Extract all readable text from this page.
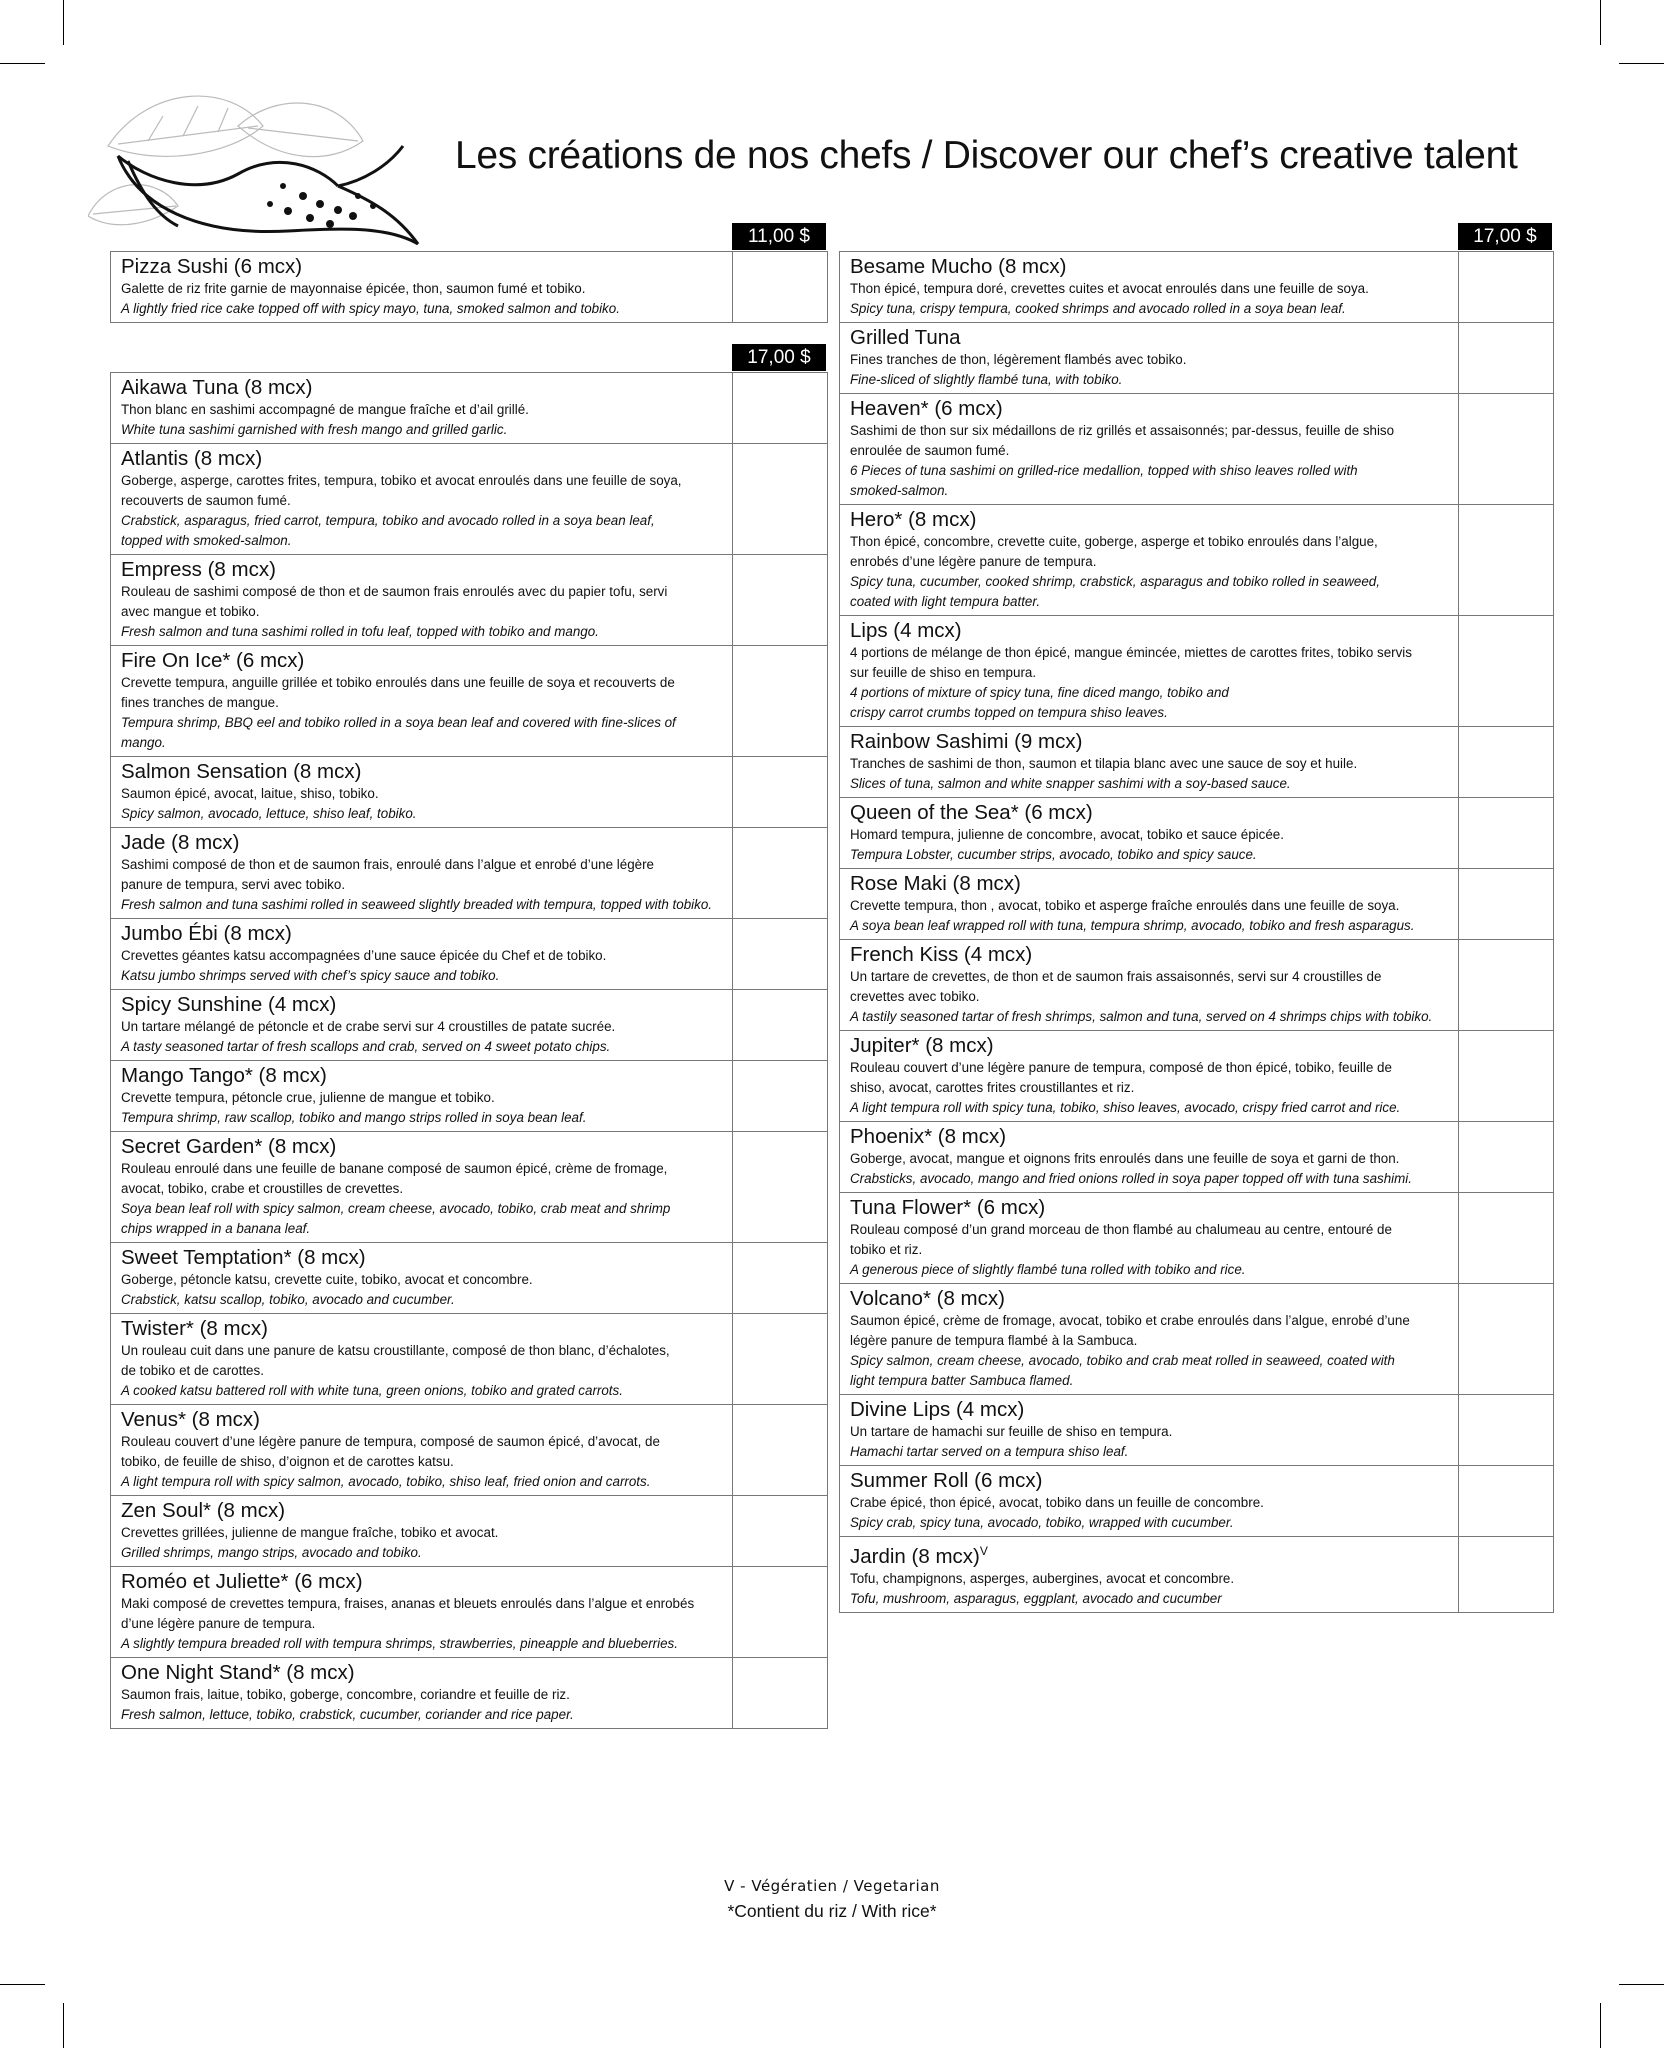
Les créations de nos chefs / Discover our chef’s creative talent
11,00 $
Pizza Sushi (6 mcx)
Galette de riz frite garnie de mayonnaise épicée, thon, saumon fumé et tobiko.
A lightly fried rice cake topped off with spicy mayo, tuna, smoked salmon and tobiko.
17,00 $
Aikawa Tuna (8 mcx)
Thon blanc en sashimi accompagné de mangue fraîche et d’ail grillé.
White tuna sashimi garnished with fresh mango and grilled garlic.
Atlantis (8 mcx)
Goberge, asperge, carottes frites, tempura, tobiko et avocat enroulés dans une feuille de soya,
recouverts de saumon fumé.
Crabstick, asparagus, fried carrot, tempura, tobiko and avocado rolled in a soya bean leaf,
topped with smoked-salmon.
Empress (8 mcx)
Rouleau de sashimi composé de thon et de saumon frais enroulés avec du papier tofu, servi
avec mangue et tobiko.
Fresh salmon and tuna sashimi rolled in tofu leaf, topped with tobiko and mango.
Fire On Ice* (6 mcx)
Crevette tempura, anguille grillée et tobiko enroulés dans une feuille de soya et recouverts de
fines tranches de mangue.
Tempura shrimp, BBQ eel and tobiko rolled in a soya bean leaf and covered with fine-slices of mango.
Salmon Sensation (8 mcx)
Saumon épicé, avocat, laitue, shiso, tobiko.
Spicy salmon, avocado, lettuce, shiso leaf, tobiko.
Jade (8 mcx)
Sashimi composé de thon et de saumon frais, enroulé dans l’algue et enrobé d’une légère
panure de tempura, servi avec tobiko.
Fresh salmon and tuna sashimi rolled in seaweed slightly breaded with tempura, topped with tobiko.
Jumbo Ébi (8 mcx)
Crevettes géantes katsu accompagnées d’une sauce épicée du Chef et de tobiko.
Katsu jumbo shrimps served with chef’s spicy sauce and tobiko.
Spicy Sunshine (4 mcx)
Un tartare mélangé de pétoncle et de crabe servi sur 4 croustilles de patate sucrée.
A tasty seasoned tartar of fresh scallops and crab, served on 4 sweet potato chips.
Mango Tango* (8 mcx)
Crevette tempura, pétoncle crue, julienne de mangue et tobiko.
Tempura shrimp, raw scallop, tobiko and mango strips rolled in soya bean leaf.
Secret Garden* (8 mcx)
Rouleau enroulé dans une feuille de banane composé de saumon épicé, crème de fromage,
avocat, tobiko, crabe et croustilles de crevettes.
Soya bean leaf roll with spicy salmon, cream cheese, avocado, tobiko, crab meat and shrimp
chips wrapped in a banana leaf.
Sweet Temptation* (8 mcx)
Goberge, pétoncle katsu, crevette cuite, tobiko, avocat et concombre.
Crabstick, katsu scallop, tobiko, avocado and cucumber.
Twister* (8 mcx)
Un rouleau cuit dans une panure de katsu croustillante, composé de thon blanc, d’échalotes,
de tobiko et de carottes.
A cooked katsu battered roll with white tuna, green onions, tobiko and grated carrots.
Venus* (8 mcx)
Rouleau couvert d’une légère panure de tempura, composé de saumon épicé, d’avocat, de
tobiko, de feuille de shiso, d’oignon et de carottes katsu.
A light tempura roll with spicy salmon, avocado, tobiko, shiso leaf, fried onion and carrots.
Zen Soul* (8 mcx)
Crevettes grillées, julienne de mangue fraîche, tobiko et avocat.
Grilled shrimps, mango strips, avocado and tobiko.
Roméo et Juliette* (6 mcx)
Maki composé de crevettes tempura, fraises, ananas et bleuets enroulés dans l’algue et enrobés
d’une légère panure de tempura.
A slightly tempura breaded roll with tempura shrimps, strawberries, pineapple and blueberries.
One Night Stand* (8 mcx)
Saumon frais, laitue, tobiko, goberge, concombre, coriandre et feuille de riz.
Fresh salmon, lettuce, tobiko, crabstick, cucumber, coriander and rice paper.
17,00 $
Besame Mucho (8 mcx)
Thon épicé, tempura doré, crevettes cuites et avocat enroulés dans une feuille de soya.
Spicy tuna, crispy tempura, cooked shrimps and avocado rolled in a soya bean leaf.
Grilled Tuna
Fines tranches de thon, légèrement flambés avec tobiko.
Fine-sliced of slightly flambé tuna, with tobiko.
Heaven* (6 mcx)
Sashimi de thon sur six médaillons de riz grillés et assaisonnés; par-dessus, feuille de shiso
enroulée de saumon fumé.
6 Pieces of tuna sashimi on grilled-rice medallion, topped with shiso leaves rolled with
smoked-salmon.
Hero* (8 mcx)
Thon épicé, concombre, crevette cuite, goberge, asperge et tobiko enroulés dans l’algue,
enrobés d’une légère panure de tempura.
Spicy tuna, cucumber, cooked shrimp, crabstick, asparagus and tobiko rolled in seaweed,
coated with light tempura batter.
Lips (4 mcx)
4 portions de mélange de thon épicé, mangue émincée, miettes de carottes frites, tobiko servis
sur feuille de shiso en tempura.
4 portions of mixture of spicy tuna, fine diced mango, tobiko and
crispy carrot crumbs topped on tempura shiso leaves.
Rainbow Sashimi (9 mcx)
Tranches de sashimi de thon, saumon et tilapia blanc avec une sauce de soy et huile.
Slices of tuna, salmon and white snapper sashimi with a soy-based sauce.
Queen of the Sea* (6 mcx)
Homard tempura, julienne de concombre, avocat, tobiko et sauce épicée.
Tempura Lobster, cucumber strips, avocado, tobiko and spicy sauce.
Rose Maki (8 mcx)
Crevette tempura, thon , avocat, tobiko et asperge fraîche enroulés dans une feuille de soya.
A soya bean leaf wrapped roll with tuna, tempura shrimp, avocado, tobiko and fresh asparagus.
French Kiss (4 mcx)
Un tartare de crevettes, de thon et de saumon frais assaisonnés, servi sur 4 croustilles de
crevettes avec tobiko.
A tastily seasoned tartar of fresh shrimps, salmon and tuna, served on 4 shrimps chips with tobiko.
Jupiter* (8 mcx)
Rouleau couvert d’une légère panure de tempura, composé de thon épicé, tobiko, feuille de
shiso, avocat, carottes frites croustillantes et riz.
A light tempura roll with spicy tuna, tobiko, shiso leaves, avocado, crispy fried carrot and rice.
Phoenix* (8 mcx)
Goberge, avocat, mangue et oignons frits enroulés dans une feuille de soya et garni de thon.
Crabsticks, avocado, mango and fried onions rolled in soya paper topped off with tuna sashimi.
Tuna Flower* (6 mcx)
Rouleau composé d’un grand morceau de thon flambé au chalumeau au centre, entouré de
tobiko et riz.
A generous piece of slightly flambé tuna rolled with tobiko and rice.
Volcano* (8 mcx)
Saumon épicé, crème de fromage, avocat, tobiko et crabe enroulés dans l’algue, enrobé d’une
légère panure de tempura flambé à la Sambuca.
Spicy salmon, cream cheese, avocado, tobiko and crab meat rolled in seaweed, coated with
light tempura batter Sambuca flamed.
Divine Lips (4 mcx)
Un tartare de hamachi sur feuille de shiso en tempura.
Hamachi tartar served on a tempura shiso leaf.
Summer Roll (6 mcx)
Crabe épicé, thon épicé, avocat, tobiko dans un feuille de concombre.
Spicy crab, spicy tuna, avocado, tobiko, wrapped with cucumber.
Jardin (8 mcx)$^V$
Tofu, champignons, asperges, aubergines, avocat et concombre.
Tofu, mushroom, asparagus, eggplant, avocado and cucumber
V - Végératien / Vegetarian
*Contient du riz / With rice*
